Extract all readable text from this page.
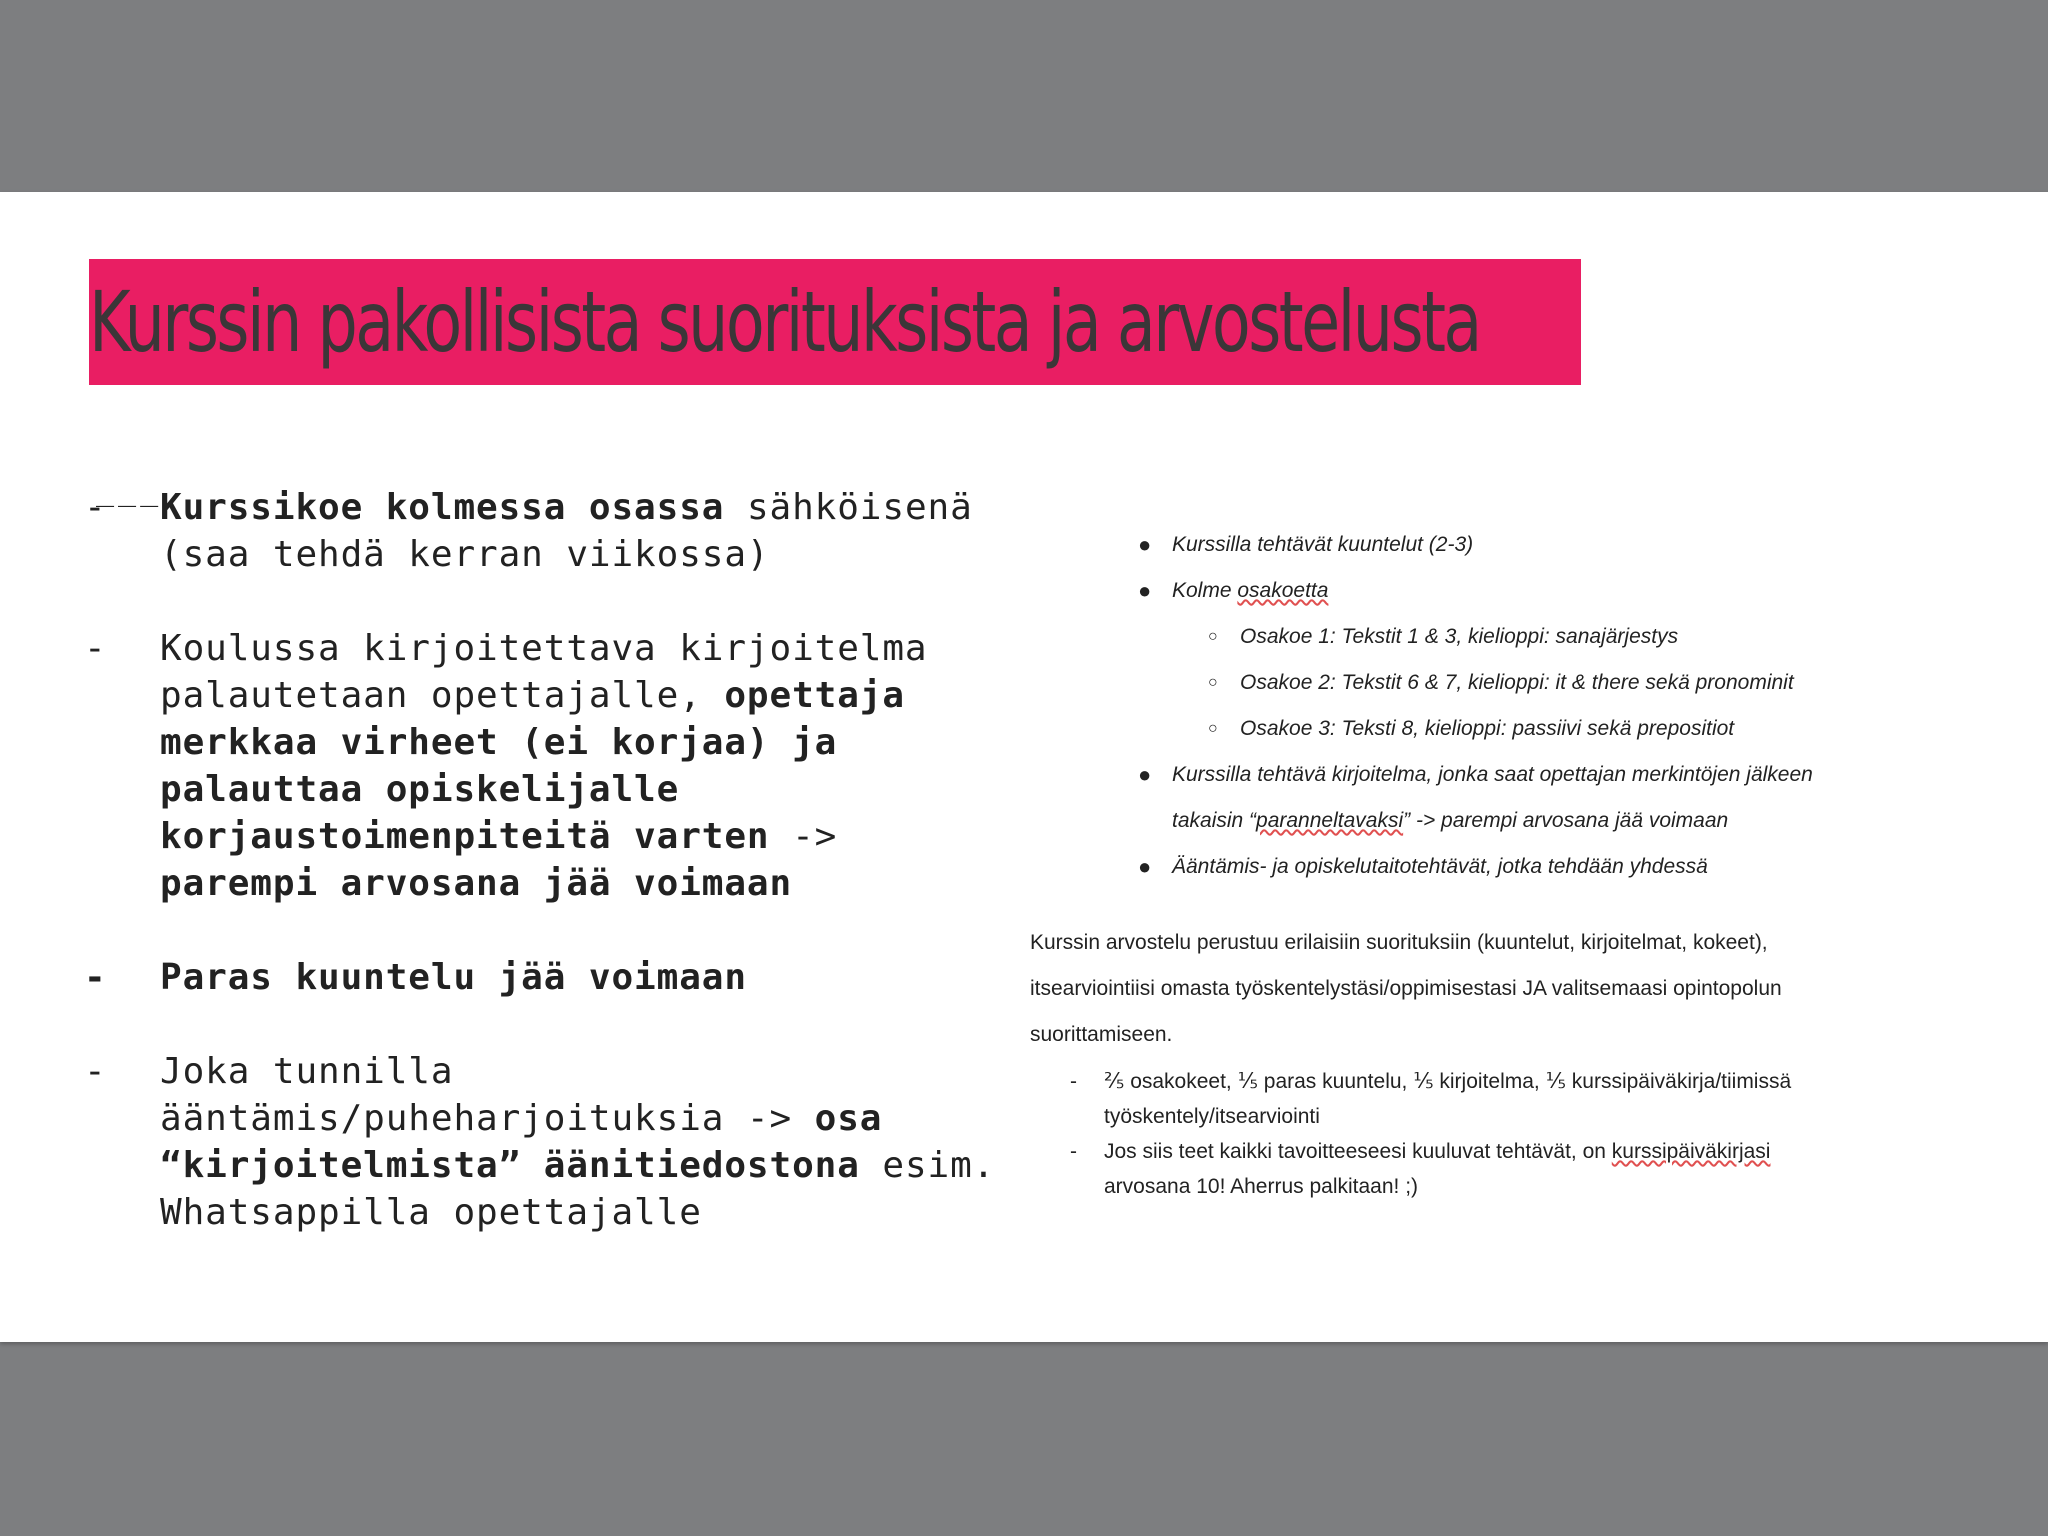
Kurssin pakollisista suorituksista ja arvostelusta
___
- Kurssikoe kolmessa osassa sähköisenä (saa tehdä kerran viikossa)
- Koulussa kirjoitettava kirjoitelma palautetaan opettajalle, opettaja merkkaa virheet (ei korjaa) ja palauttaa opiskelijalle korjaustoimenpiteitä varten -> parempi arvosana jää voimaan
- Paras kuuntelu jää voimaan
- Joka tunnilla ääntämis/puheharjoituksia -> osa “kirjoitelmista” äänitiedostona esim. Whatsappilla opettajalle
● Kurssilla tehtävät kuuntelut (2-3)
● Kolme osakoetta
○ Osakoe 1: Tekstit 1 & 3, kielioppi: sanajärjestys
○ Osakoe 2: Tekstit 6 & 7, kielioppi: it & there sekä pronominit
○ Osakoe 3: Teksti 8, kielioppi: passiivi sekä prepositiot
● Kurssilla tehtävä kirjoitelma, jonka saat opettajan merkintöjen jälkeen
takaisin “paranneltavaksi” -> parempi arvosana jää voimaan
● Ääntämis- ja opiskelutaitotehtävät, jotka tehdään yhdessä
Kurssin arvostelu perustuu erilaisiin suorituksiin (kuuntelut, kirjoitelmat, kokeet), itsearviointiisi omasta työskentelystäsi/oppimisestasi JA valitsemaasi opintopolun suorittamiseen.
- ⅖ osakokeet, ⅕ paras kuuntelu, ⅕ kirjoitelma, ⅕ kurssipäiväkirja/tiimissä työskentely/itsearviointi
- Jos siis teet kaikki tavoitteeseesi kuuluvat tehtävät, on kurssipäiväkirjasi arvosana 10! Aherrus palkitaan! ;)
